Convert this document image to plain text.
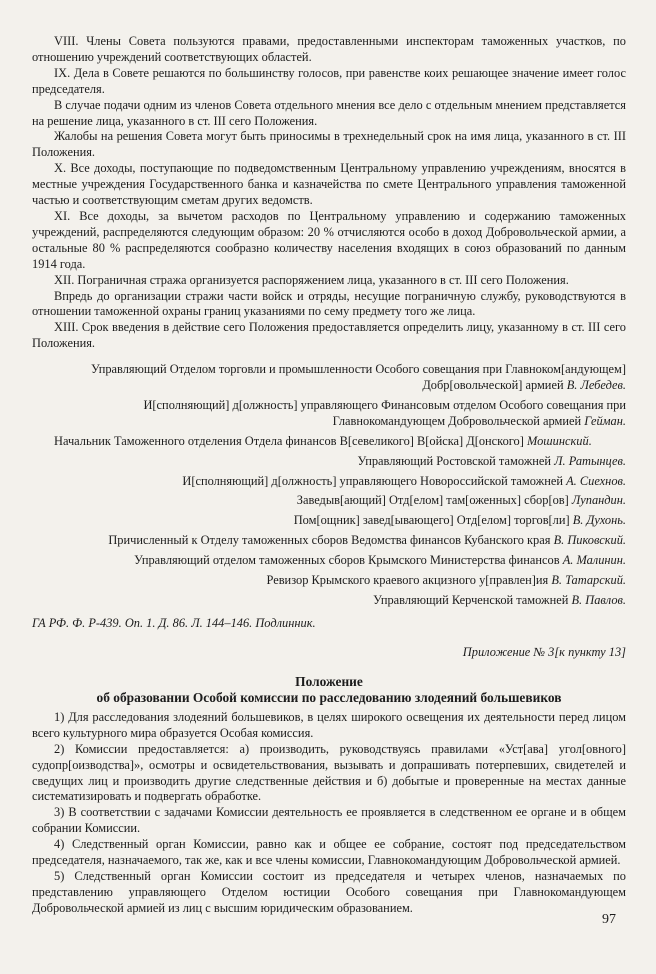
VIII. Члены Совета пользуются правами, предоставленными инспекторам таможенных участков, по отношению учреждений соответствующих областей.

IX. Дела в Совете решаются по большинству голосов, при равенстве коих решающее значение имеет голос председателя.

В случае подачи одним из членов Совета отдельного мнения все дело с отдельным мнением представляется на решение лица, указанного в ст. III сего Положения.

Жалобы на решения Совета могут быть приносимы в трехнедельный срок на имя лица, указанного в ст. III Положения.

X. Все доходы, поступающие по подведомственным Центральному управлению учреждениям, вносятся в местные учреждения Государственного банка и казначейства по смете Центрального управления таможенной частью и соответствующим сметам других ведомств.

XI. Все доходы, за вычетом расходов по Центральному управлению и содержанию таможенных учреждений, распределяются следующим образом: 20 % отчисляются особо в доход Добровольческой армии, а остальные 80 % распределяются сообразно количеству населения входящих в союз образований по данным 1914 года.

XII. Пограничная стража организуется распоряжением лица, указанного в ст. III сего Положения.

Впредь до организации стражи части войск и отряды, несущие пограничную службу, руководствуются в отношении таможенной охраны границ указаниями по сему предмету того же лица.

XIII. Срок введения в действие сего Положения предоставляется определить лицу, указанному в ст. III сего Положения.

Управляющий Отделом торговли и промышленности Особого совещания при Главноком[андующем] Добр[овольческой] армией В. Лебедев.
И[сполняющий] д[олжность] управляющего Финансовым отделом Особого совещания при Главнокомандующем Добровольческой армией Гейман.
Начальник Таможенного отделения Отдела финансов В[севеликого] В[ойска] Д[онского] Мошинский.
Управляющий Ростовской таможней Л. Ратынцев.
И[сполняющий] д[олжность] управляющего Новороссийской таможней А. Сиехнов.
Заведыв[ающий] Отд[елом] там[оженных] сбор[ов] Лупандин.
Пом[ощник] завед[ывающего] Отд[елом] торгов[ли] В. Духонь.
Причисленный к Отделу таможенных сборов Ведомства финансов Кубанского края В. Пиковский.
Управляющий отделом таможенных сборов Крымского Министерства финансов А. Малинин.
Ревизор Крымского краевого акцизного у[правлен]ия В. Татарский.
Управляющий Керченской таможней В. Павлов.
ГА РФ. Ф. Р-439. Оп. 1. Д. 86. Л. 144–146. Подлинник.
Приложение № 3[к пункту 13]
Положение
об образовании Особой комиссии по расследованию злодеяний большевиков

1) Для расследования злодеяний большевиков, в целях широкого освещения их деятельности перед лицом всего культурного мира образуется Особая комиссия.

2) Комиссии предоставляется: а) производить, руководствуясь правилами «Уст[ава] угол[овного] судопр[оизводства]», осмотры и освидетельствования, вызывать и допрашивать потерпевших, свидетелей и сведущих лиц и производить другие следственные действия и б) добытые и проверенные на местах данные систематизировать и подвергать обработке.

3) В соответствии с задачами Комиссии деятельность ее проявляется в следственном ее органе и в общем собрании Комиссии.

4) Следственный орган Комиссии, равно как и общее ее собрание, состоят под председательством председателя, назначаемого, так же, как и все члены комиссии, Главнокомандующим Добровольческой армией.

5) Следственный орган Комиссии состоит из председателя и четырех членов, назначаемых по представлению управляющего Отделом юстиции Особого совещания при Главнокомандующем Добровольческой армией из лиц с высшим юридическим образованием.

97
